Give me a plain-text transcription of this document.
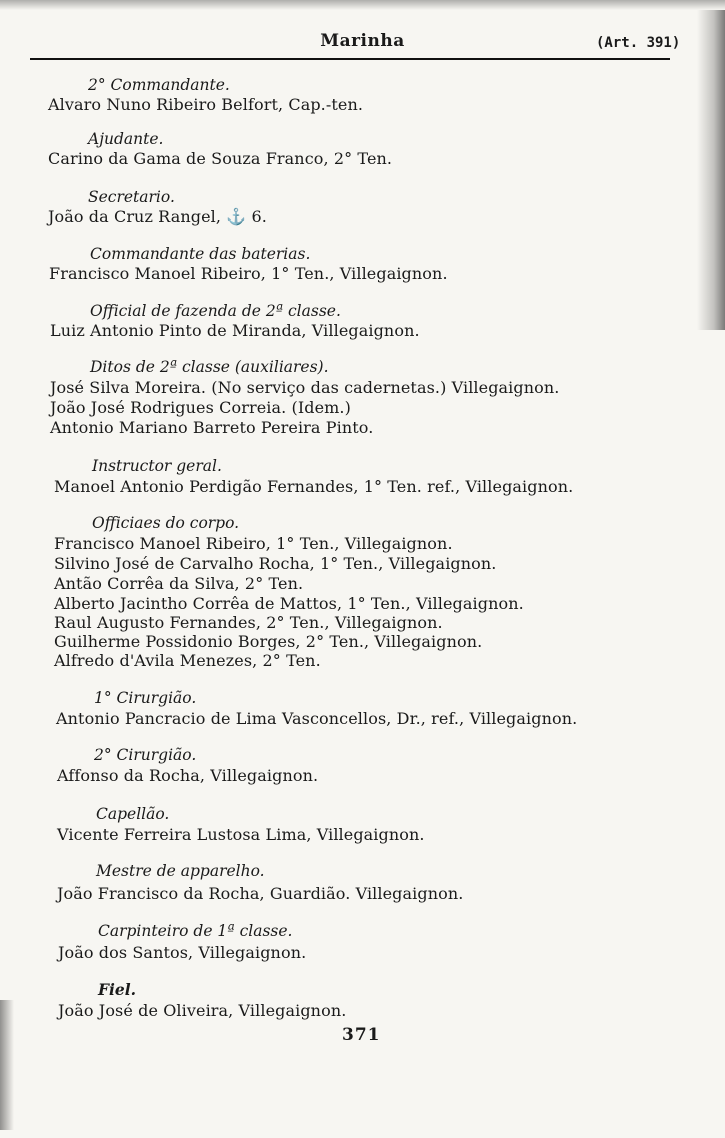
Marinha	(Art. 391)
2° Commandante.
Alvaro Nuno Ribeiro Belfort, Cap.-ten.
Ajudante.
Carino da Gama de Souza Franco, 2° Ten.
Secretario.
João da Cruz Rangel, ⚓ 6.
Commandante das baterias.
Francisco Manoel Ribeiro, 1° Ten., Villegaignon.
Official de fazenda de 2ª classe.
Luiz Antonio Pinto de Miranda, Villegaignon.
Ditos de 2ª classe (auxiliares).
José Silva Moreira. (No serviço das cadernetas.) Villegaignon.
João José Rodrigues Correia. (Idem.)
Antonio Mariano Barreto Pereira Pinto.
Instructor geral.
Manoel Antonio Perdigão Fernandes, 1° Ten. ref., Villegaignon.
Officiaes do corpo.
Francisco Manoel Ribeiro, 1° Ten., Villegaignon.
Silvino José de Carvalho Rocha, 1° Ten., Villegaignon.
Antão Corrêa da Silva, 2° Ten.
Alberto Jacintho Corrêa de Mattos, 1° Ten., Villegaignon.
Raul Augusto Fernandes, 2° Ten., Villegaignon.
Guilherme Possidonio Borges, 2° Ten., Villegaignon.
Alfredo d'Avila Menezes, 2° Ten.
1° Cirurgião.
Antonio Pancracio de Lima Vasconcellos, Dr., ref., Villegaignon.
2° Cirurgião.
Affonso da Rocha, Villegaignon.
Capellão.
Vicente Ferreira Lustosa Lima, Villegaignon.
Mestre de apparelho.
João Francisco da Rocha, Guardião. Villegaignon.
Carpinteiro de 1ª classe.
João dos Santos, Villegaignon.
Fiel.
João José de Oliveira, Villegaignon.
371
